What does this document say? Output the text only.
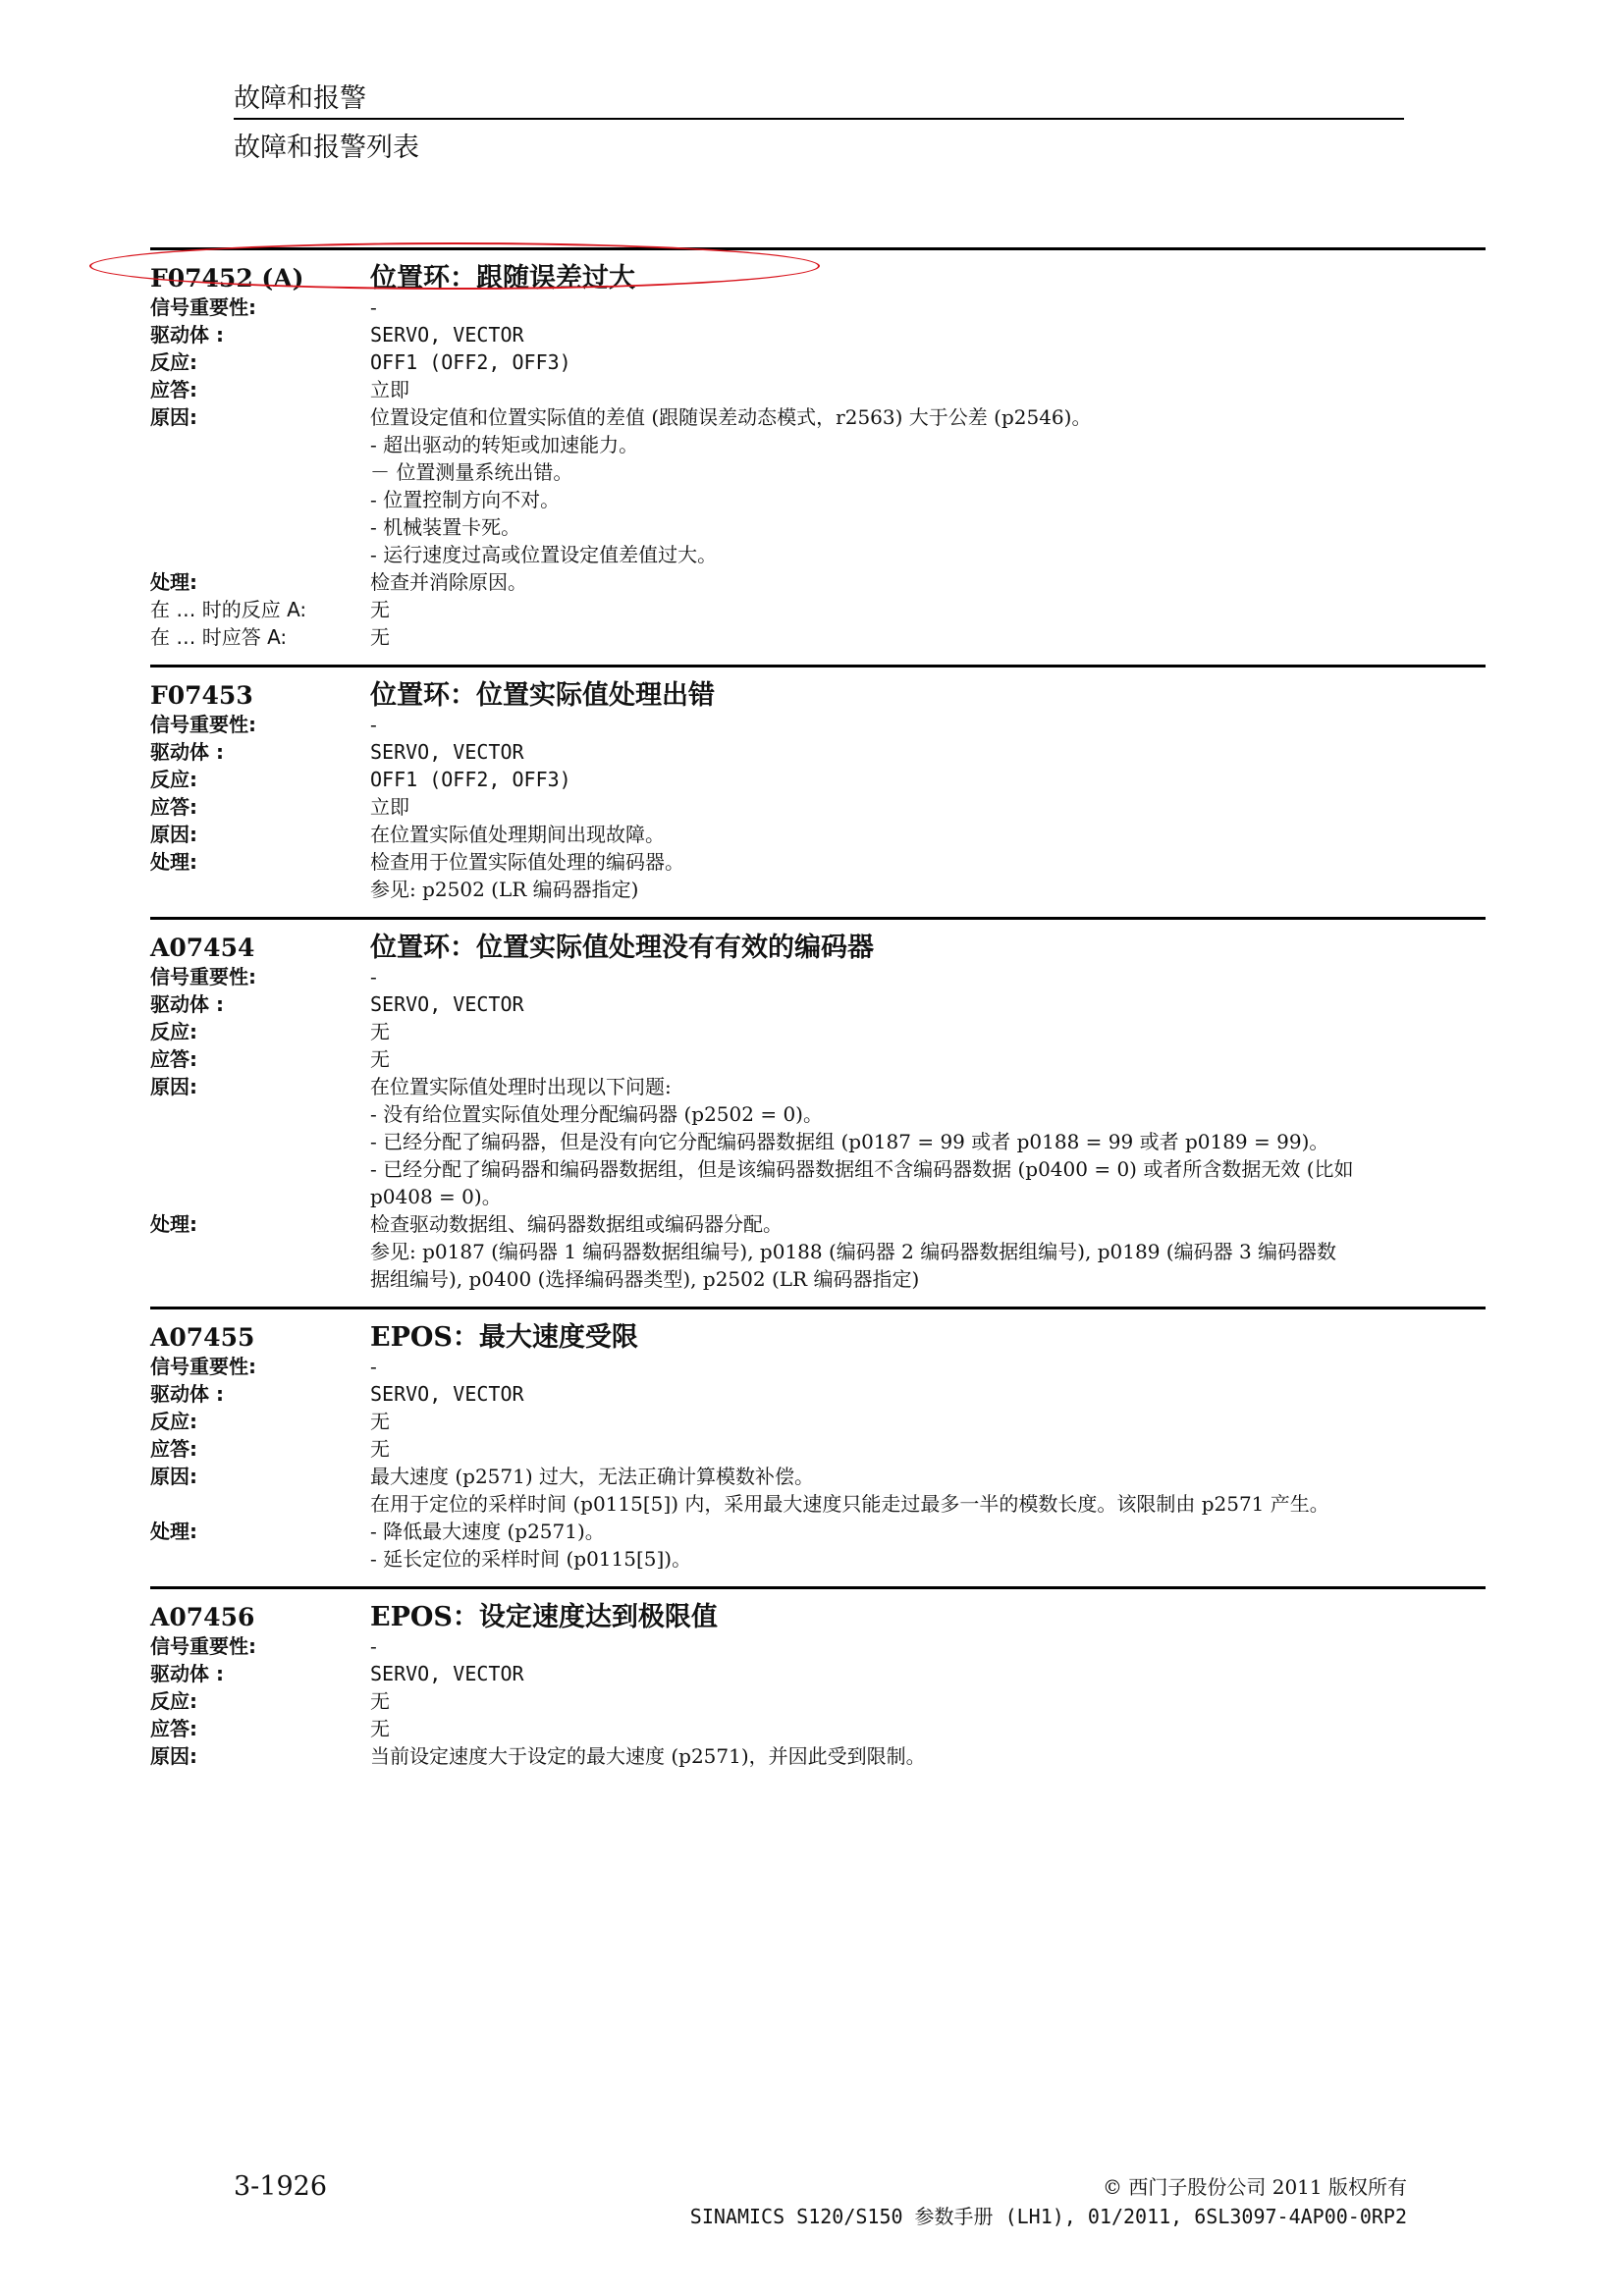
故障和报警
故障和报警列表
F07452 (A)	位置环：跟随误差过大
信号重要性:	-
驱动体 :	SERVO, VECTOR
反应:	OFF1 (OFF2, OFF3)
应答:	立即
原因:	位置设定值和位置实际值的差值 (跟随误差动态模式，r2563) 大于公差 (p2546)。
- 超出驱动的转矩或加速能力。
－ 位置测量系统出错。
- 位置控制方向不对。
- 机械装置卡死。
- 运行速度过高或位置设定值差值过大。
处理:	检查并消除原因。
在 … 时的反应 A:	无
在 … 时应答 A:	无
F07453	位置环：位置实际值处理出错
信号重要性:	-
驱动体 :	SERVO, VECTOR
反应:	OFF1 (OFF2, OFF3)
应答:	立即
原因:	在位置实际值处理期间出现故障。
处理:	检查用于位置实际值处理的编码器。
参见: p2502 (LR 编码器指定)
A07454	位置环：位置实际值处理没有有效的编码器
信号重要性:	-
驱动体 :	SERVO, VECTOR
反应:	无
应答:	无
原因:	在位置实际值处理时出现以下问题:
- 没有给位置实际值处理分配编码器 (p2502 = 0)。
- 已经分配了编码器，但是没有向它分配编码器数据组 (p0187 = 99 或者 p0188 = 99 或者 p0189 = 99)。
- 已经分配了编码器和编码器数据组，但是该编码器数据组不含编码器数据 (p0400 = 0) 或者所含数据无效 (比如
p0408 = 0)。
处理:	检查驱动数据组、编码器数据组或编码器分配。
参见: p0187 (编码器 1 编码器数据组编号), p0188 (编码器 2 编码器数据组编号), p0189 (编码器 3 编码器数
据组编号), p0400 (选择编码器类型), p2502 (LR 编码器指定)
A07455	EPOS：最大速度受限
信号重要性:	-
驱动体 :	SERVO, VECTOR
反应:	无
应答:	无
原因:	最大速度 (p2571) 过大，无法正确计算模数补偿。
在用于定位的采样时间 (p0115[5]) 内，采用最大速度只能走过最多一半的模数长度。该限制由 p2571 产生。
处理:	- 降低最大速度 (p2571)。
- 延长定位的采样时间 (p0115[5])。
A07456	EPOS：设定速度达到极限值
信号重要性:	-
驱动体 :	SERVO, VECTOR
反应:	无
应答:	无
原因:	当前设定速度大于设定的最大速度 (p2571)，并因此受到限制。
3-1926	© 西门子股份公司 2011 版权所有
SINAMICS S120/S150 参数手册 (LH1), 01/2011, 6SL3097-4AP00-0RP2
